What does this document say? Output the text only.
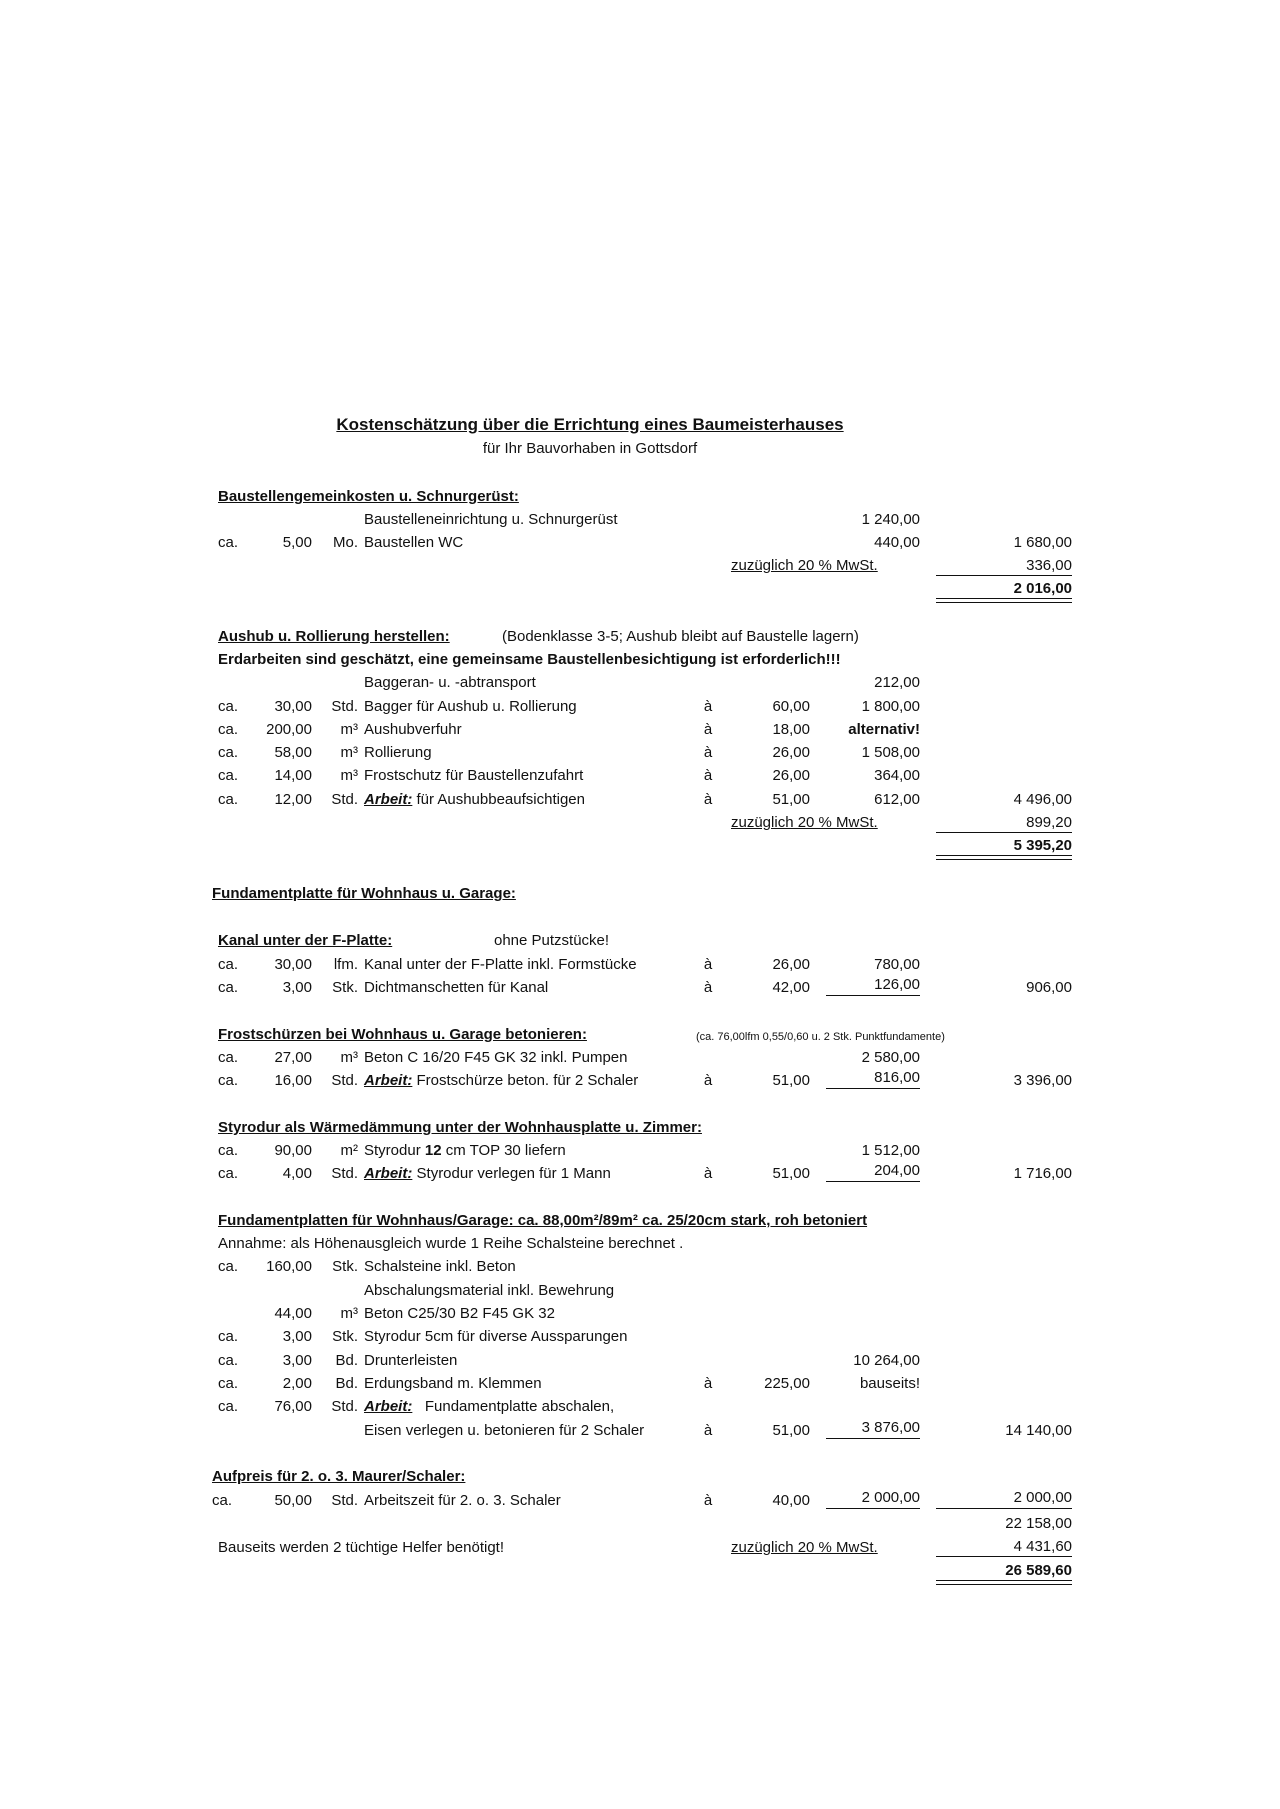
Kostenschätzung über die Errichtung eines Baumeisterhauses
für Ihr Bauvorhaben in Gottsdorf
Baustellengemeinkosten u. Schnurgerüst:
Baustelleneinrichtung u. Schnurgerüst	1 240,00
ca.	5,00	Mo. Baustellen WC	440,00	1 680,00
zuzüglich 20 % MwSt.	336,00
2 016,00
Aushub u. Rollierung herstellen:	(Bodenklasse 3-5; Aushub bleibt auf Baustelle lagern)
Erdarbeiten sind geschätzt, eine gemeinsame Baustellenbesichtigung ist erforderlich!!!
Baggeran- u. -abtransport	212,00
ca.	30,00	Std. Bagger für Aushub u. Rollierung	à	60,00	1 800,00
ca.	200,00	m³ Aushubverfuhr	à	18,00	alternativ!
ca.	58,00	m³ Rollierung	à	26,00	1 508,00
ca.	14,00	m³ Frostschutz für Baustellenzufahrt	à	26,00	364,00
ca.	12,00	Std. Arbeit: für Aushubbeaufsichtigen	à	51,00	612,00	4 496,00
zuzüglich 20 % MwSt.	899,20
5 395,20
Fundamentplatte für Wohnhaus u. Garage:
Kanal unter der F-Platte:	ohne Putzstücke!
ca.	30,00	lfm. Kanal unter der F-Platte inkl. Formstücke	à	26,00	780,00
ca.	3,00	Stk. Dichtmanschetten für Kanal	à	42,00	126,00	906,00
Frostschürzen bei Wohnhaus u. Garage betonieren:	(ca. 76,00lfm 0,55/0,60 u. 2 Stk. Punktfundamente)
ca.	27,00	m³ Beton C 16/20 F45 GK 32 inkl. Pumpen	2 580,00
ca.	16,00	Std. Arbeit: Frostschürze beton. für 2 Schaler	à	51,00	816,00	3 396,00
Styrodur als Wärmedämmung unter der Wohnhausplatte u. Zimmer:
ca.	90,00	m² Styrodur 12 cm TOP 30 liefern	1 512,00
ca.	4,00	Std. Arbeit: Styrodur verlegen für 1 Mann	à	51,00	204,00	1 716,00
Fundamentplatten für Wohnhaus/Garage: ca. 88,00m²/89m² ca. 25/20cm stark, roh betoniert
Annahme: als Höhenausgleich wurde 1 Reihe Schalsteine berechnet .
ca.	160,00	Stk. Schalsteine inkl. Beton
Abschalungsmaterial inkl. Bewehrung
44,00	m³ Beton C25/30 B2 F45 GK 32
ca.	3,00	Stk. Styrodur 5cm für diverse Aussparungen
ca.	3,00	Bd. Drunterleisten	10 264,00
ca.	2,00	Bd. Erdungsband m. Klemmen	à	225,00	bauseits!
ca.	76,00	Std. Arbeit: Fundamentplatte abschalen,
Eisen verlegen u. betonieren für 2 Schaler	à	51,00	3 876,00	14 140,00
Aufpreis für 2. o. 3. Maurer/Schaler:
ca.	50,00	Std. Arbeitszeit für 2. o. 3. Schaler	à	40,00	2 000,00	2 000,00
22 158,00
Bauseits werden 2 tüchtige Helfer benötigt!	zuzüglich 20 % MwSt.	4 431,60
26 589,60
